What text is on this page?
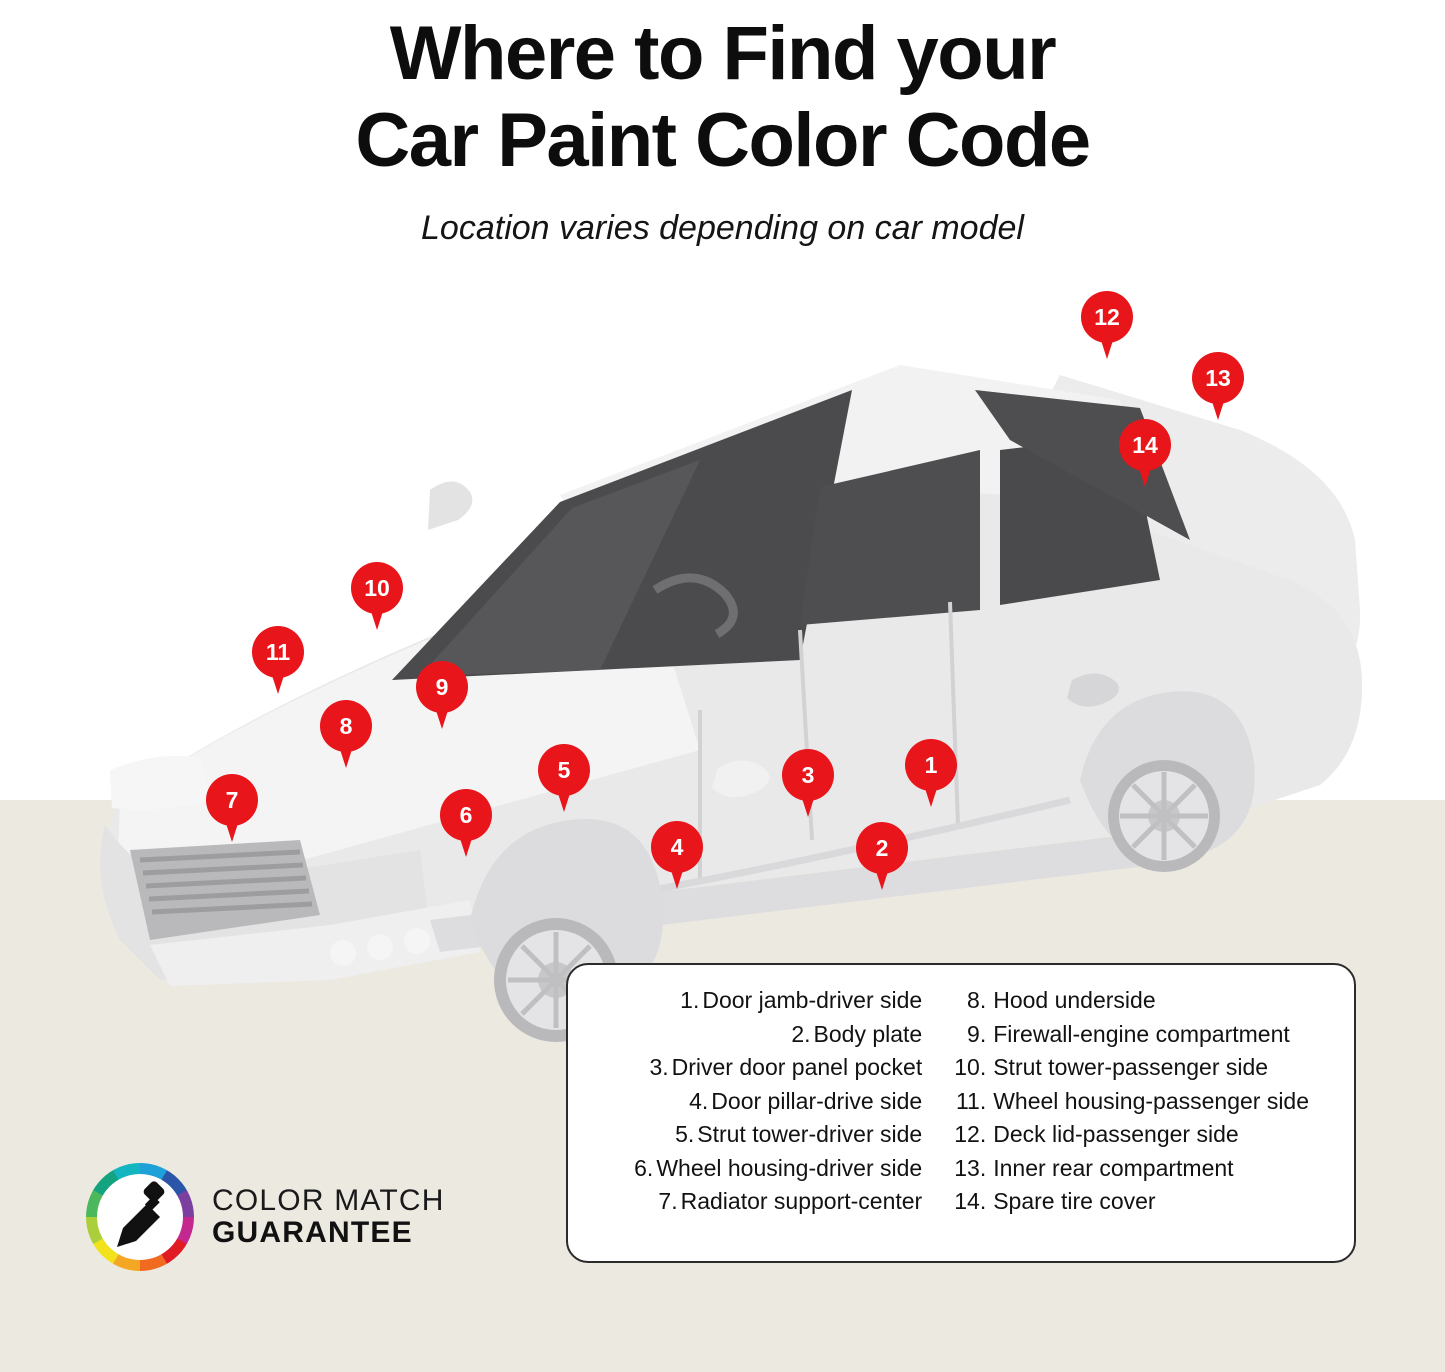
Where to Find your
Car Paint Color Code
Location varies depending on car model
1
2
3
4
5
6
7
8
9
10
11
12
13
14
1. Door jamb-driver side
2. Body plate
3. Driver door panel pocket
4. Door pillar-drive side
5. Strut tower-driver side
6. Wheel housing-driver side
7. Radiator support-center
8. Hood underside
9. Firewall-engine compartment
10. Strut tower-passenger side
11. Wheel housing-passenger side
12. Deck lid-passenger side
13. Inner rear compartment
14. Spare tire cover
COLOR MATCH
GUARANTEE
